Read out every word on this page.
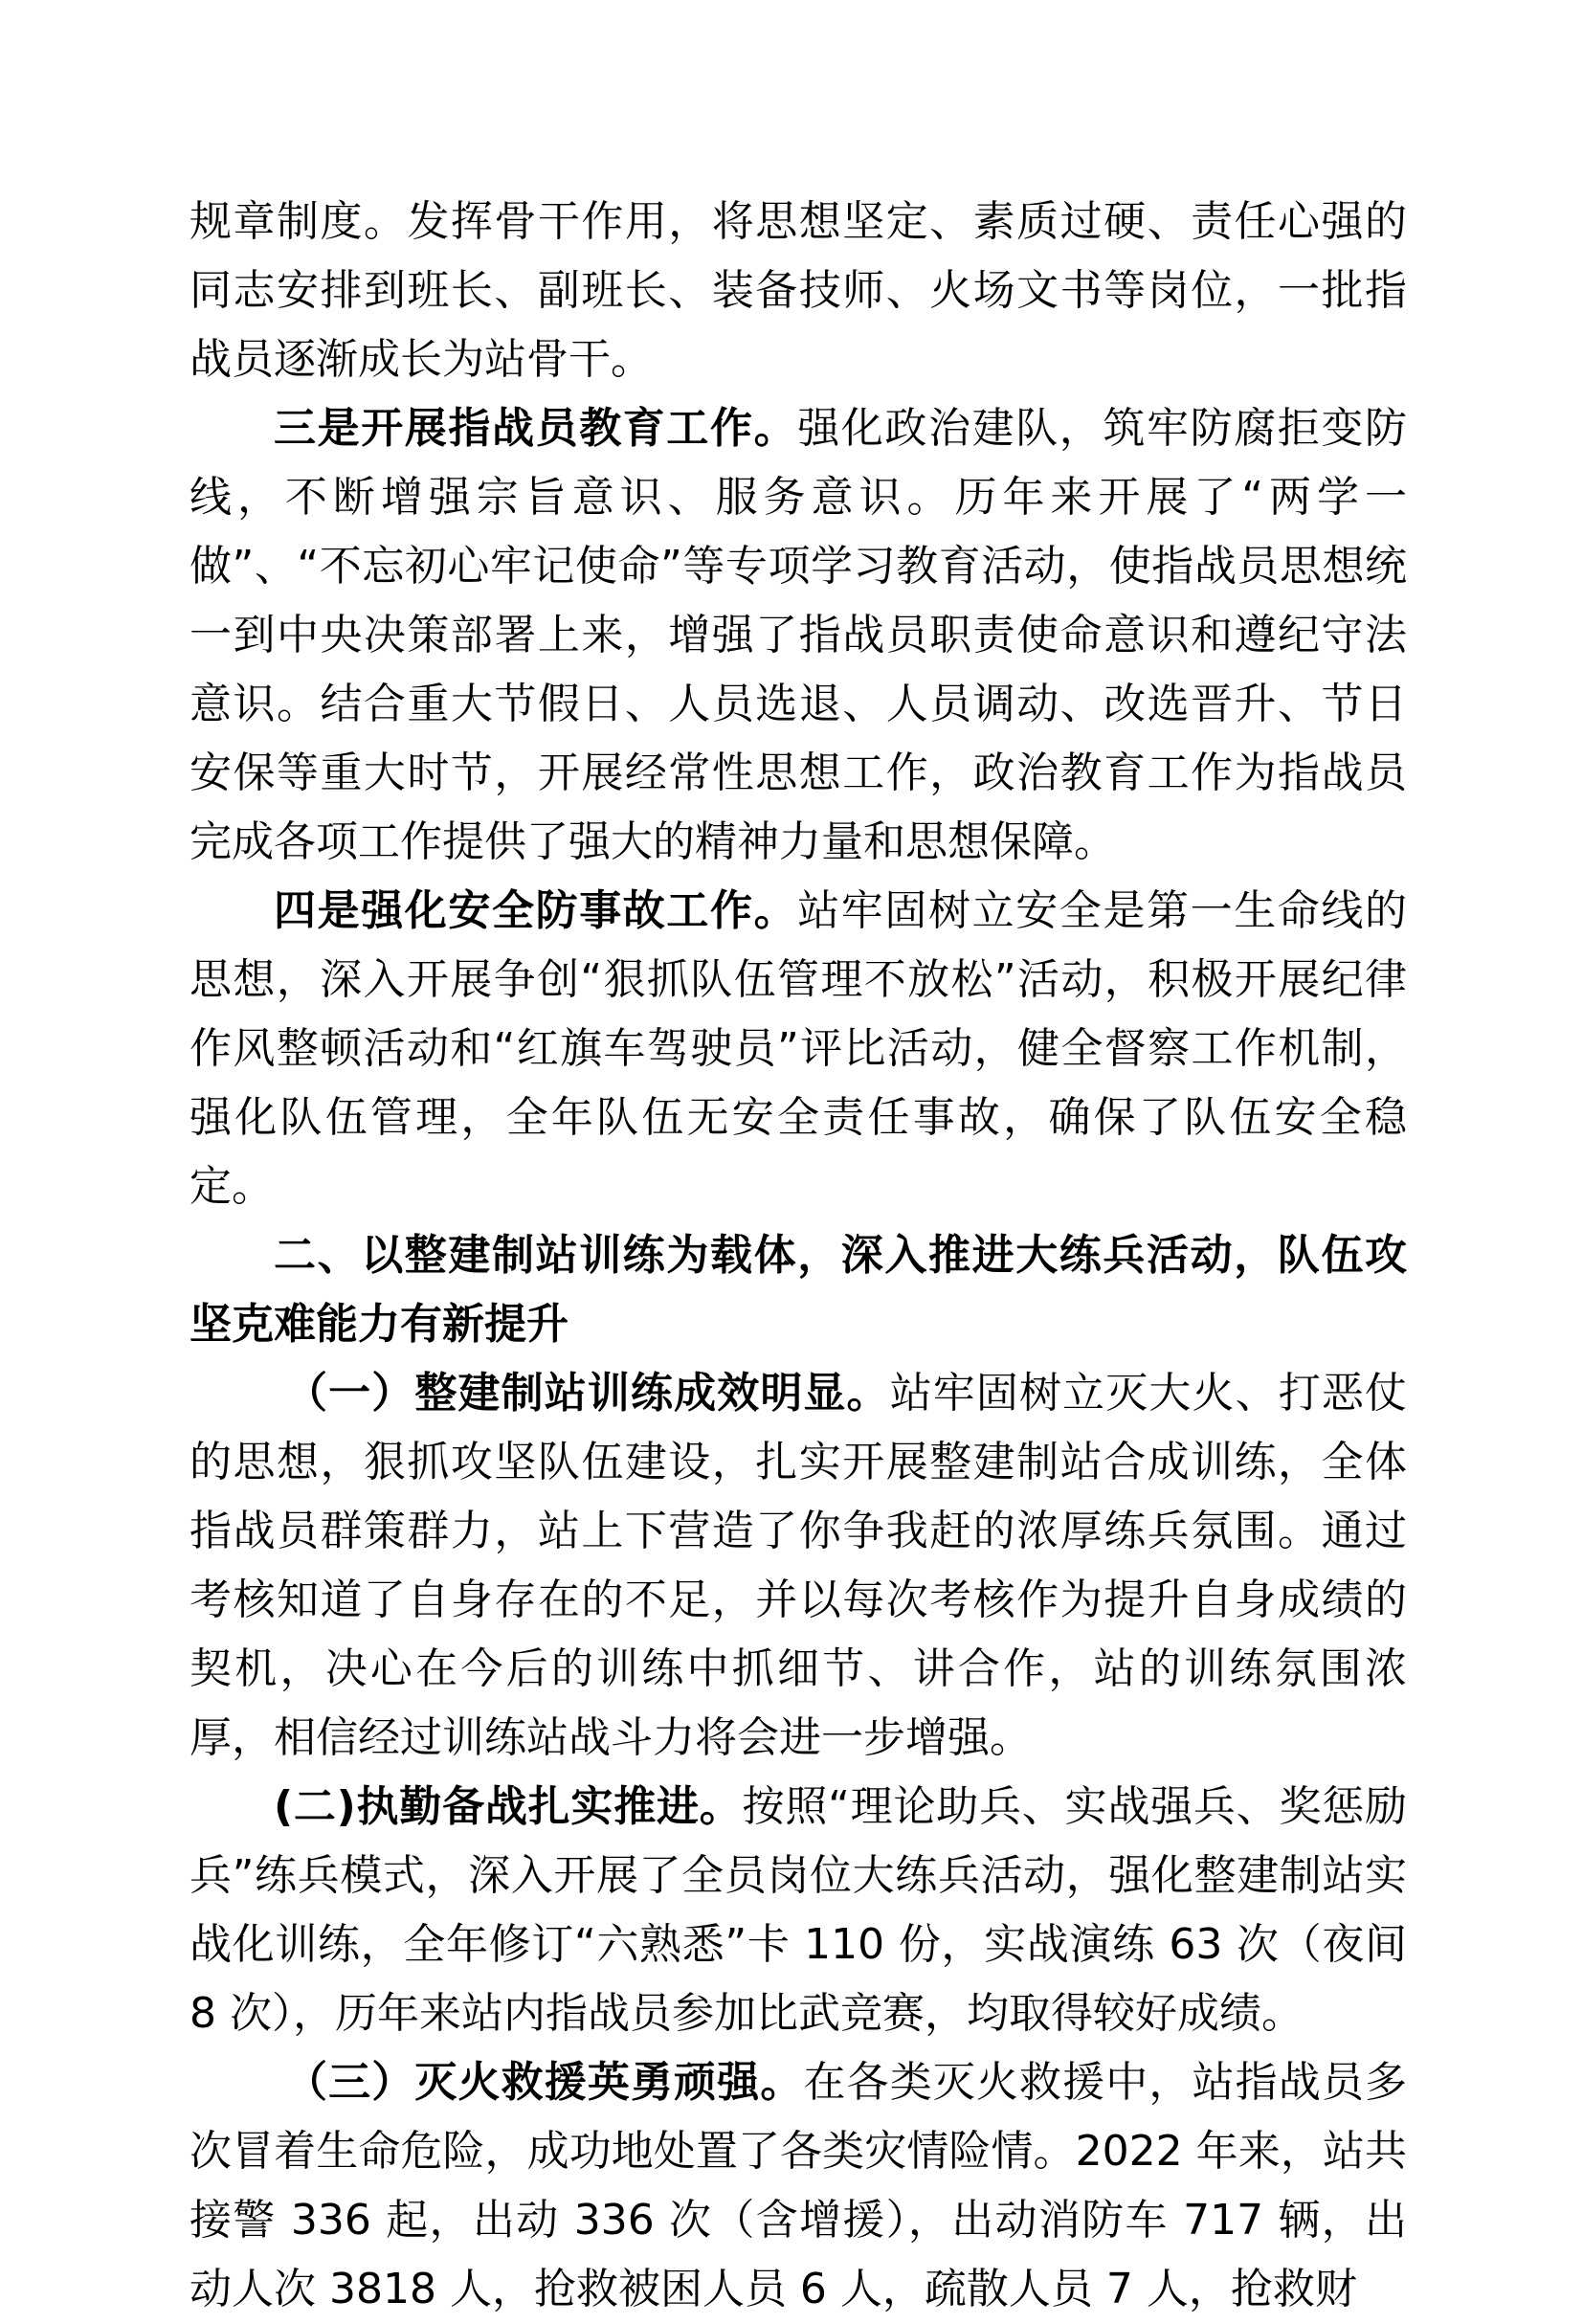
规章制度。发挥骨干作用，将思想坚定、素质过硬、责任心强的同志安排到班长、副班长、装备技师、火场文书等岗位，一批指战员逐渐成长为站骨干。

三是开展指战员教育工作。强化政治建队，筑牢防腐拒变防线，不断增强宗旨意识、服务意识。历年来开展了“两学一做”、“不忘初心牢记使命”等专项学习教育活动，使指战员思想统一到中央决策部署上来，增强了指战员职责使命意识和遵纪守法意识。结合重大节假日、人员选退、人员调动、改选晋升、节日安保等重大时节，开展经常性思想工作，政治教育工作为指战员完成各项工作提供了强大的精神力量和思想保障。

四是强化安全防事故工作。站牢固树立安全是第一生命线的思想，深入开展争创“狠抓队伍管理不放松”活动，积极开展纪律作风整顿活动和“红旗车驾驶员”评比活动，健全督察工作机制，强化队伍管理，全年队伍无安全责任事故，确保了队伍安全稳定。

二、以整建制站训练为载体，深入推进大练兵活动，队伍攻坚克难能力有新提升

（一）整建制站训练成效明显。站牢固树立灭大火、打恶仗的思想，狠抓攻坚队伍建设，扎实开展整建制站合成训练，全体指战员群策群力，站上下营造了你争我赶的浓厚练兵氛围。通过考核知道了自身存在的不足，并以每次考核作为提升自身成绩的契机，决心在今后的训练中抓细节、讲合作，站的训练氛围浓厚，相信经过训练站战斗力将会进一步增强。

(二)执勤备战扎实推进。按照“理论助兵、实战强兵、奖惩励兵”练兵模式，深入开展了全员岗位大练兵活动，强化整建制站实战化训练，全年修订“六熟悉”卡 110 份，实战演练 63 次（夜间 8 次），历年来站内指战员参加比武竞赛，均取得较好成绩。

（三）灭火救援英勇顽强。在各类灭火救援中，站指战员多次冒着生命危险，成功地处置了各类灾情险情。2022 年来，站共接警 336 起，出动 336 次（含增援），出动消防车 717 辆，出动人次 3818 人，抢救被困人员 6 人，疏散人员 7 人，抢救财
